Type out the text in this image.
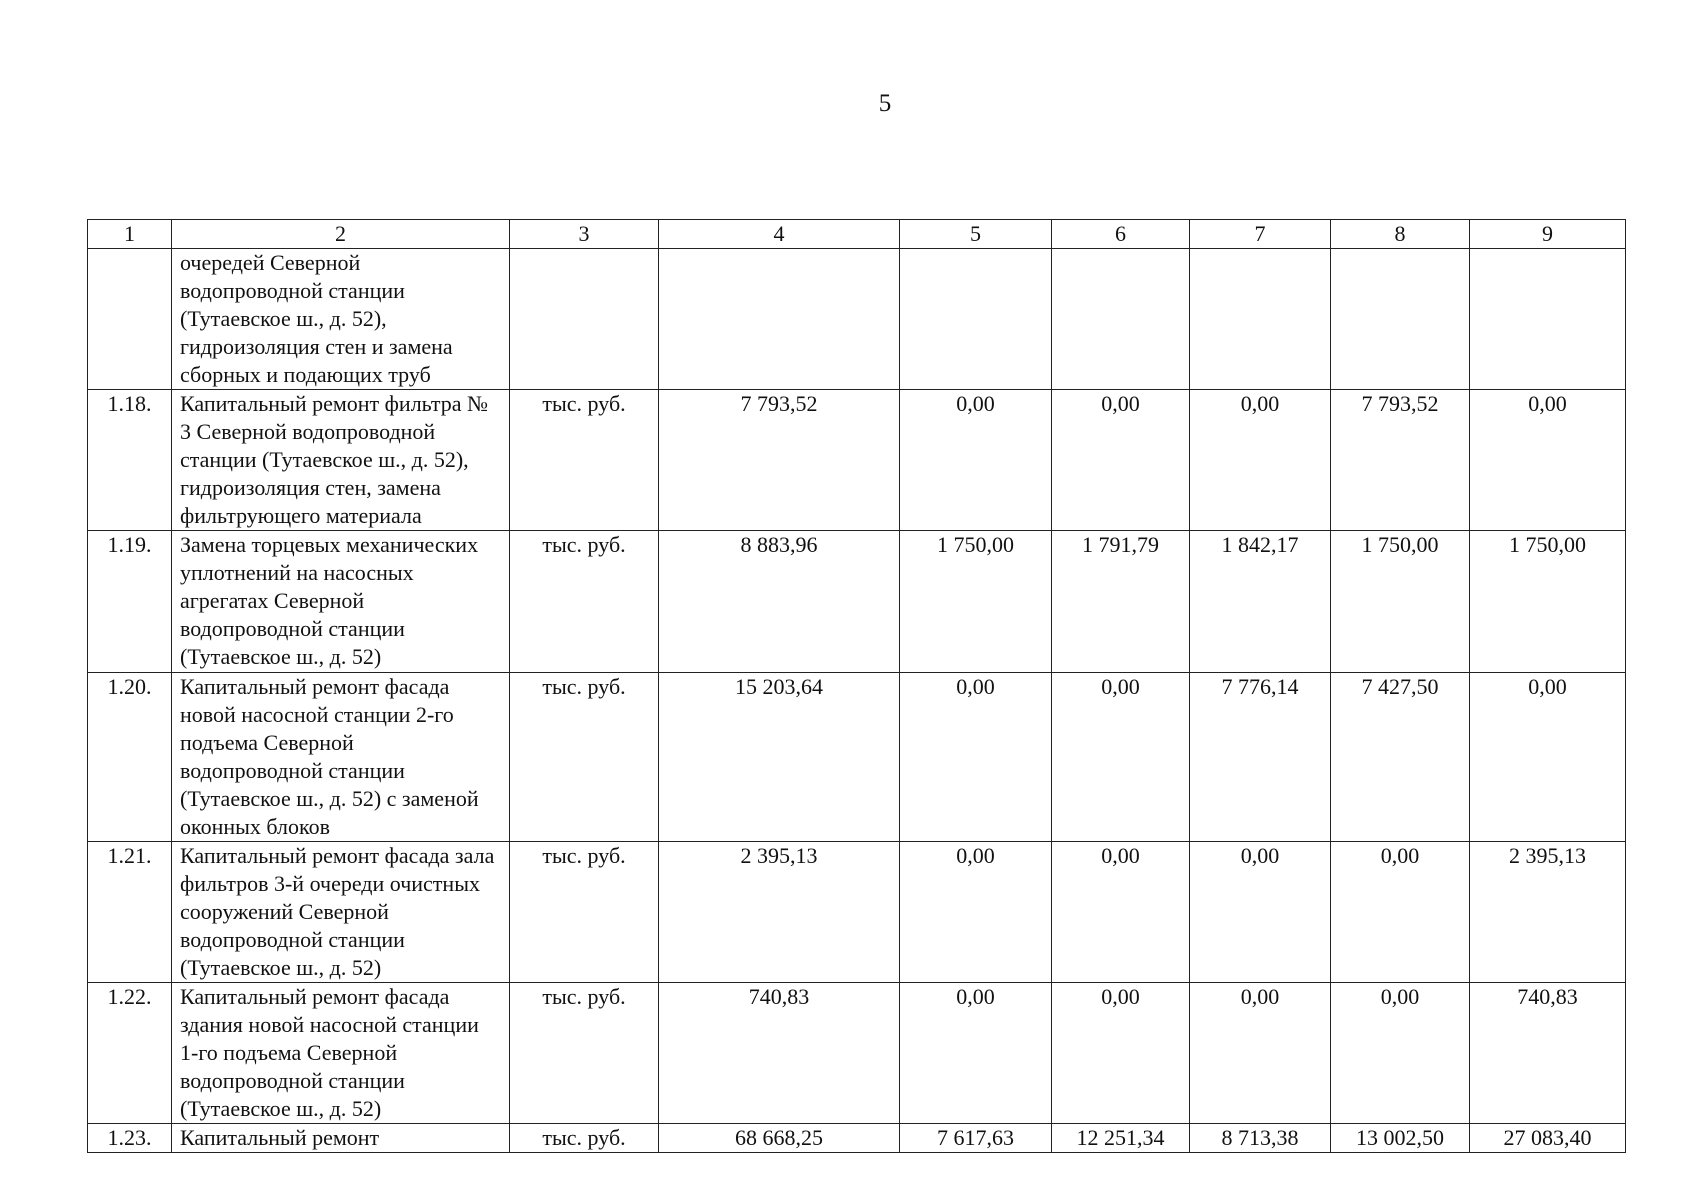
5
1	2	3	4	5	6	7	8	9
	очередей Северной водопроводной станции (Тутаевское ш., д. 52), гидроизоляция стен и замена сборных и подающих труб							
1.18.	Капитальный ремонт фильтра № 3 Северной водопроводной станции (Тутаевское ш., д. 52), гидроизоляция стен, замена фильтрующего материала	тыс. руб.	7 793,52	0,00	0,00	0,00	7 793,52	0,00
1.19.	Замена торцевых механических уплотнений на насосных агрегатах Северной водопроводной станции (Тутаевское ш., д. 52)	тыс. руб.	8 883,96	1 750,00	1 791,79	1 842,17	1 750,00	1 750,00
1.20.	Капитальный ремонт фасада новой насосной станции 2-го подъема Северной водопроводной станции (Тутаевское ш., д. 52) с заменой оконных блоков	тыс. руб.	15 203,64	0,00	0,00	7 776,14	7 427,50	0,00
1.21.	Капитальный ремонт фасада зала фильтров 3-й очереди очистных сооружений Северной водопроводной станции (Тутаевское ш., д. 52)	тыс. руб.	2 395,13	0,00	0,00	0,00	0,00	2 395,13
1.22.	Капитальный ремонт фасада здания новой насосной станции 1-го подъема Северной водопроводной станции (Тутаевское ш., д. 52)	тыс. руб.	740,83	0,00	0,00	0,00	0,00	740,83
1.23.	Капитальный ремонт	тыс. руб.	68 668,25	7 617,63	12 251,34	8 713,38	13 002,50	27 083,40
